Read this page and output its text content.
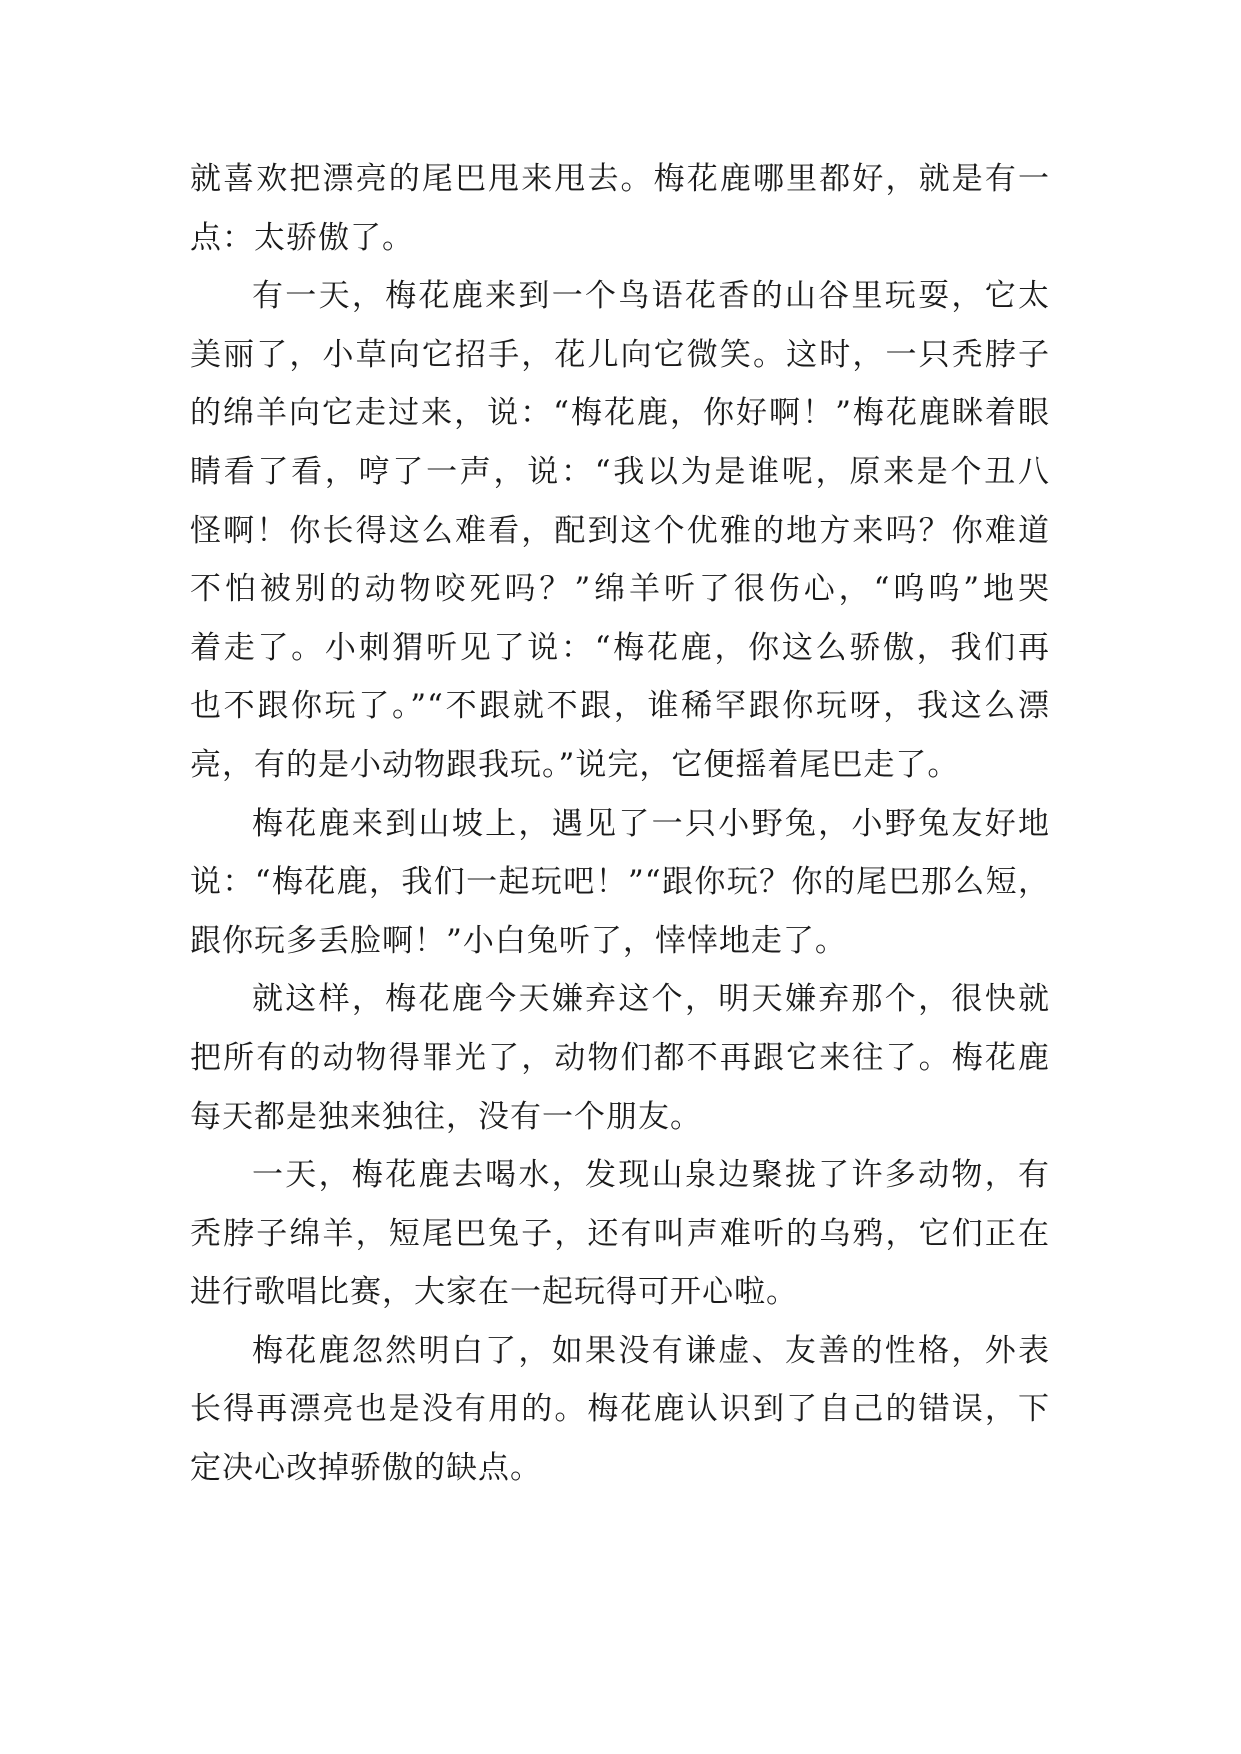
就喜欢把漂亮的尾巴甩来甩去。梅花鹿哪里都好，就是有一
点：太骄傲了。
有一天，梅花鹿来到一个鸟语花香的山谷里玩耍，它太
美丽了，小草向它招手，花儿向它微笑。这时，一只秃脖子
的绵羊向它走过来，说：“梅花鹿，你好啊！”梅花鹿眯着眼
睛看了看，哼了一声，说：“我以为是谁呢，原来是个丑八
怪啊！你长得这么难看，配到这个优雅的地方来吗？你难道
不怕被别的动物咬死吗？”绵羊听了很伤心，“呜呜”地哭
着走了。小刺猬听见了说：“梅花鹿，你这么骄傲，我们再
也不跟你玩了。”“不跟就不跟，谁稀罕跟你玩呀，我这么漂
亮，有的是小动物跟我玩。”说完，它便摇着尾巴走了。
梅花鹿来到山坡上，遇见了一只小野兔，小野兔友好地
说：“梅花鹿，我们一起玩吧！”“跟你玩？你的尾巴那么短，
跟你玩多丢脸啊！”小白兔听了，悻悻地走了。
就这样，梅花鹿今天嫌弃这个，明天嫌弃那个，很快就
把所有的动物得罪光了，动物们都不再跟它来往了。梅花鹿
每天都是独来独往，没有一个朋友。
一天，梅花鹿去喝水，发现山泉边聚拢了许多动物，有
秃脖子绵羊，短尾巴兔子，还有叫声难听的乌鸦，它们正在
进行歌唱比赛，大家在一起玩得可开心啦。
梅花鹿忽然明白了，如果没有谦虚、友善的性格，外表
长得再漂亮也是没有用的。梅花鹿认识到了自己的错误，下
定决心改掉骄傲的缺点。
